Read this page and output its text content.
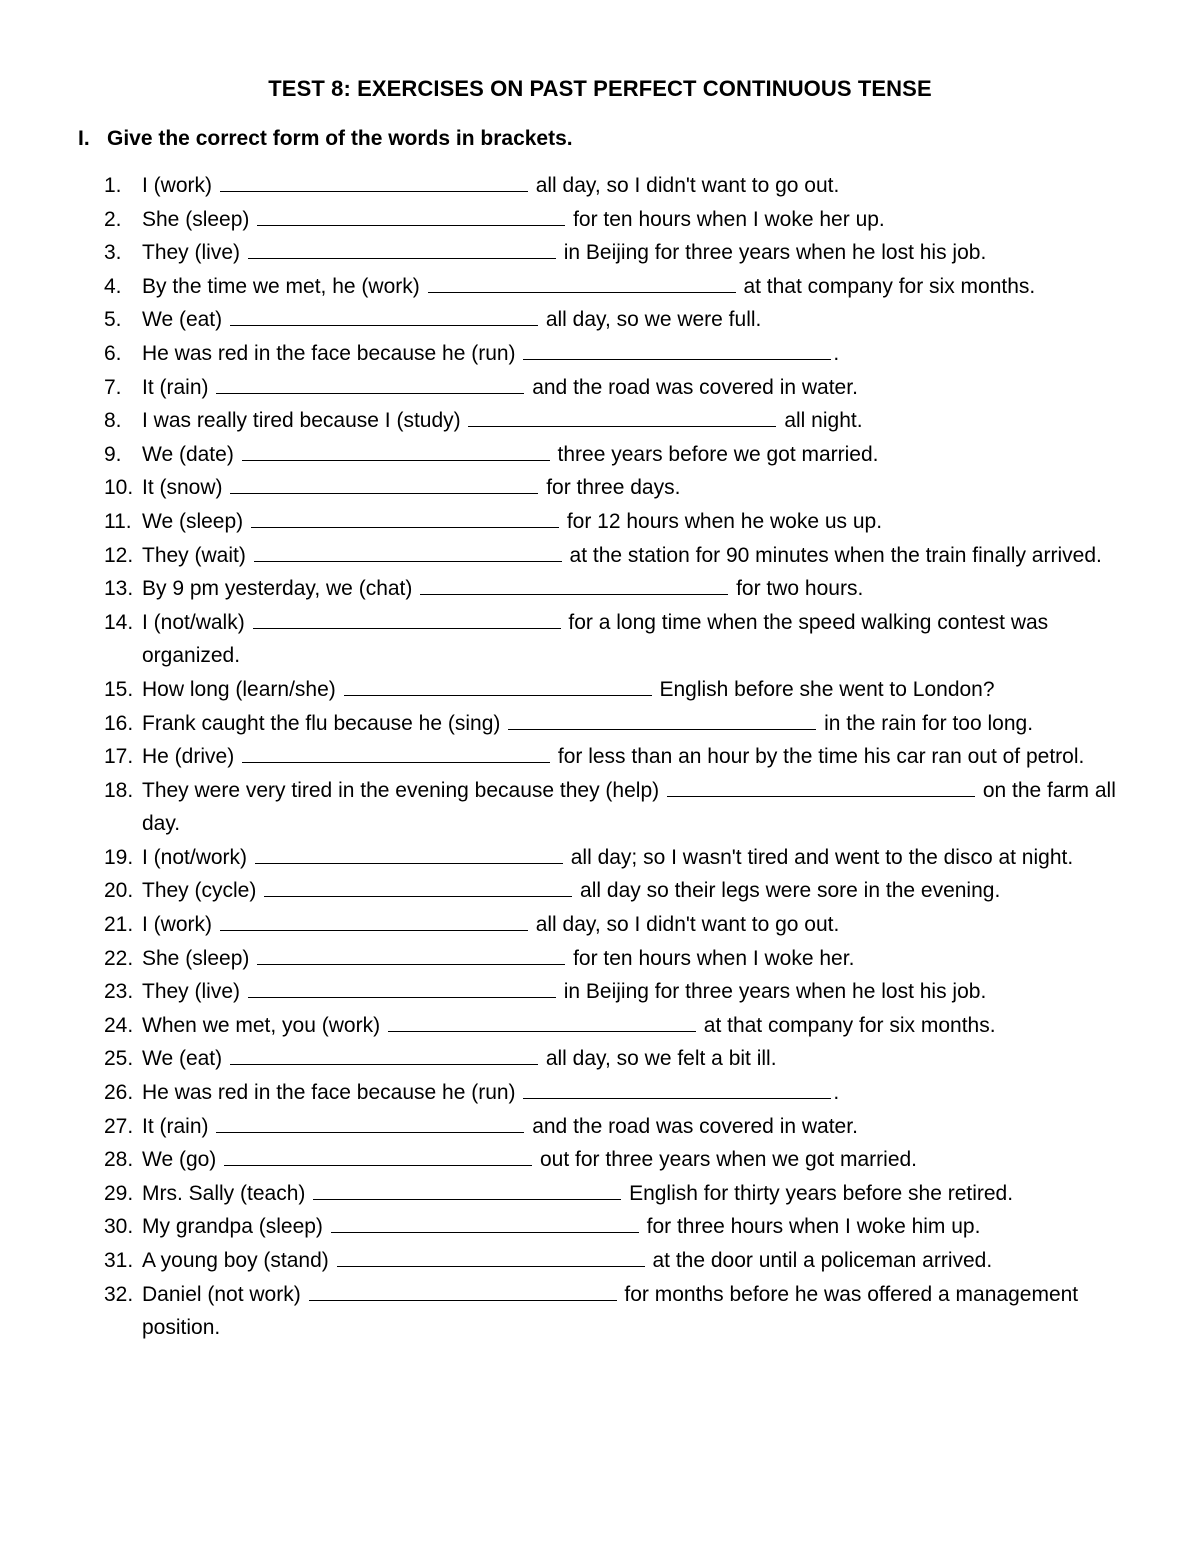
TEST 8: EXERCISES ON PAST PERFECT CONTINUOUS TENSE
I. Give the correct form of the words in brackets.
1. I (work)	all day, so I didn't want to go out.
2. She (sleep)	for ten hours when I woke her up.
3. They (live)	in Beijing for three years when he lost his job.
4. By the time we met, he (work)	at that company for six months.
5. We (eat)	all day, so we were full.
6. He was red in the face because he (run)	.
7. It (rain)	and the road was covered in water.
8. I was really tired because I (study)	all night.
9. We (date)	three years before we got married.
10. It (snow)	for three days.
11. We (sleep)	for 12 hours when he woke us up.
12. They (wait)	at the station for 90 minutes when the train finally arrived.
13. By 9 pm yesterday, we (chat)	for two hours.
14. I (not/walk)	for a long time when the speed walking contest was organized.
15. How long (learn/she)	English before she went to London?
16. Frank caught the flu because he (sing)	in the rain for too long.
17. He (drive)	for less than an hour by the time his car ran out of petrol.
18. They were very tired in the evening because they (help)	on the farm all day.
19. I (not/work)	all day; so I wasn't tired and went to the disco at night.
20. They (cycle)	all day so their legs were sore in the evening.
21. I (work)	all day, so I didn't want to go out.
22. She (sleep)	for ten hours when I woke her.
23. They (live)	in Beijing for three years when he lost his job.
24. When we met, you (work)	at that company for six months.
25. We (eat)	all day, so we felt a bit ill.
26. He was red in the face because he (run)	.
27. It (rain)	and the road was covered in water.
28. We (go)	out for three years when we got married.
29. Mrs. Sally (teach)	English for thirty years before she retired.
30. My grandpa (sleep)	for three hours when I woke him up.
31. A young boy (stand)	at the door until a policeman arrived.
32. Daniel (not work)	for months before he was offered a management position.
